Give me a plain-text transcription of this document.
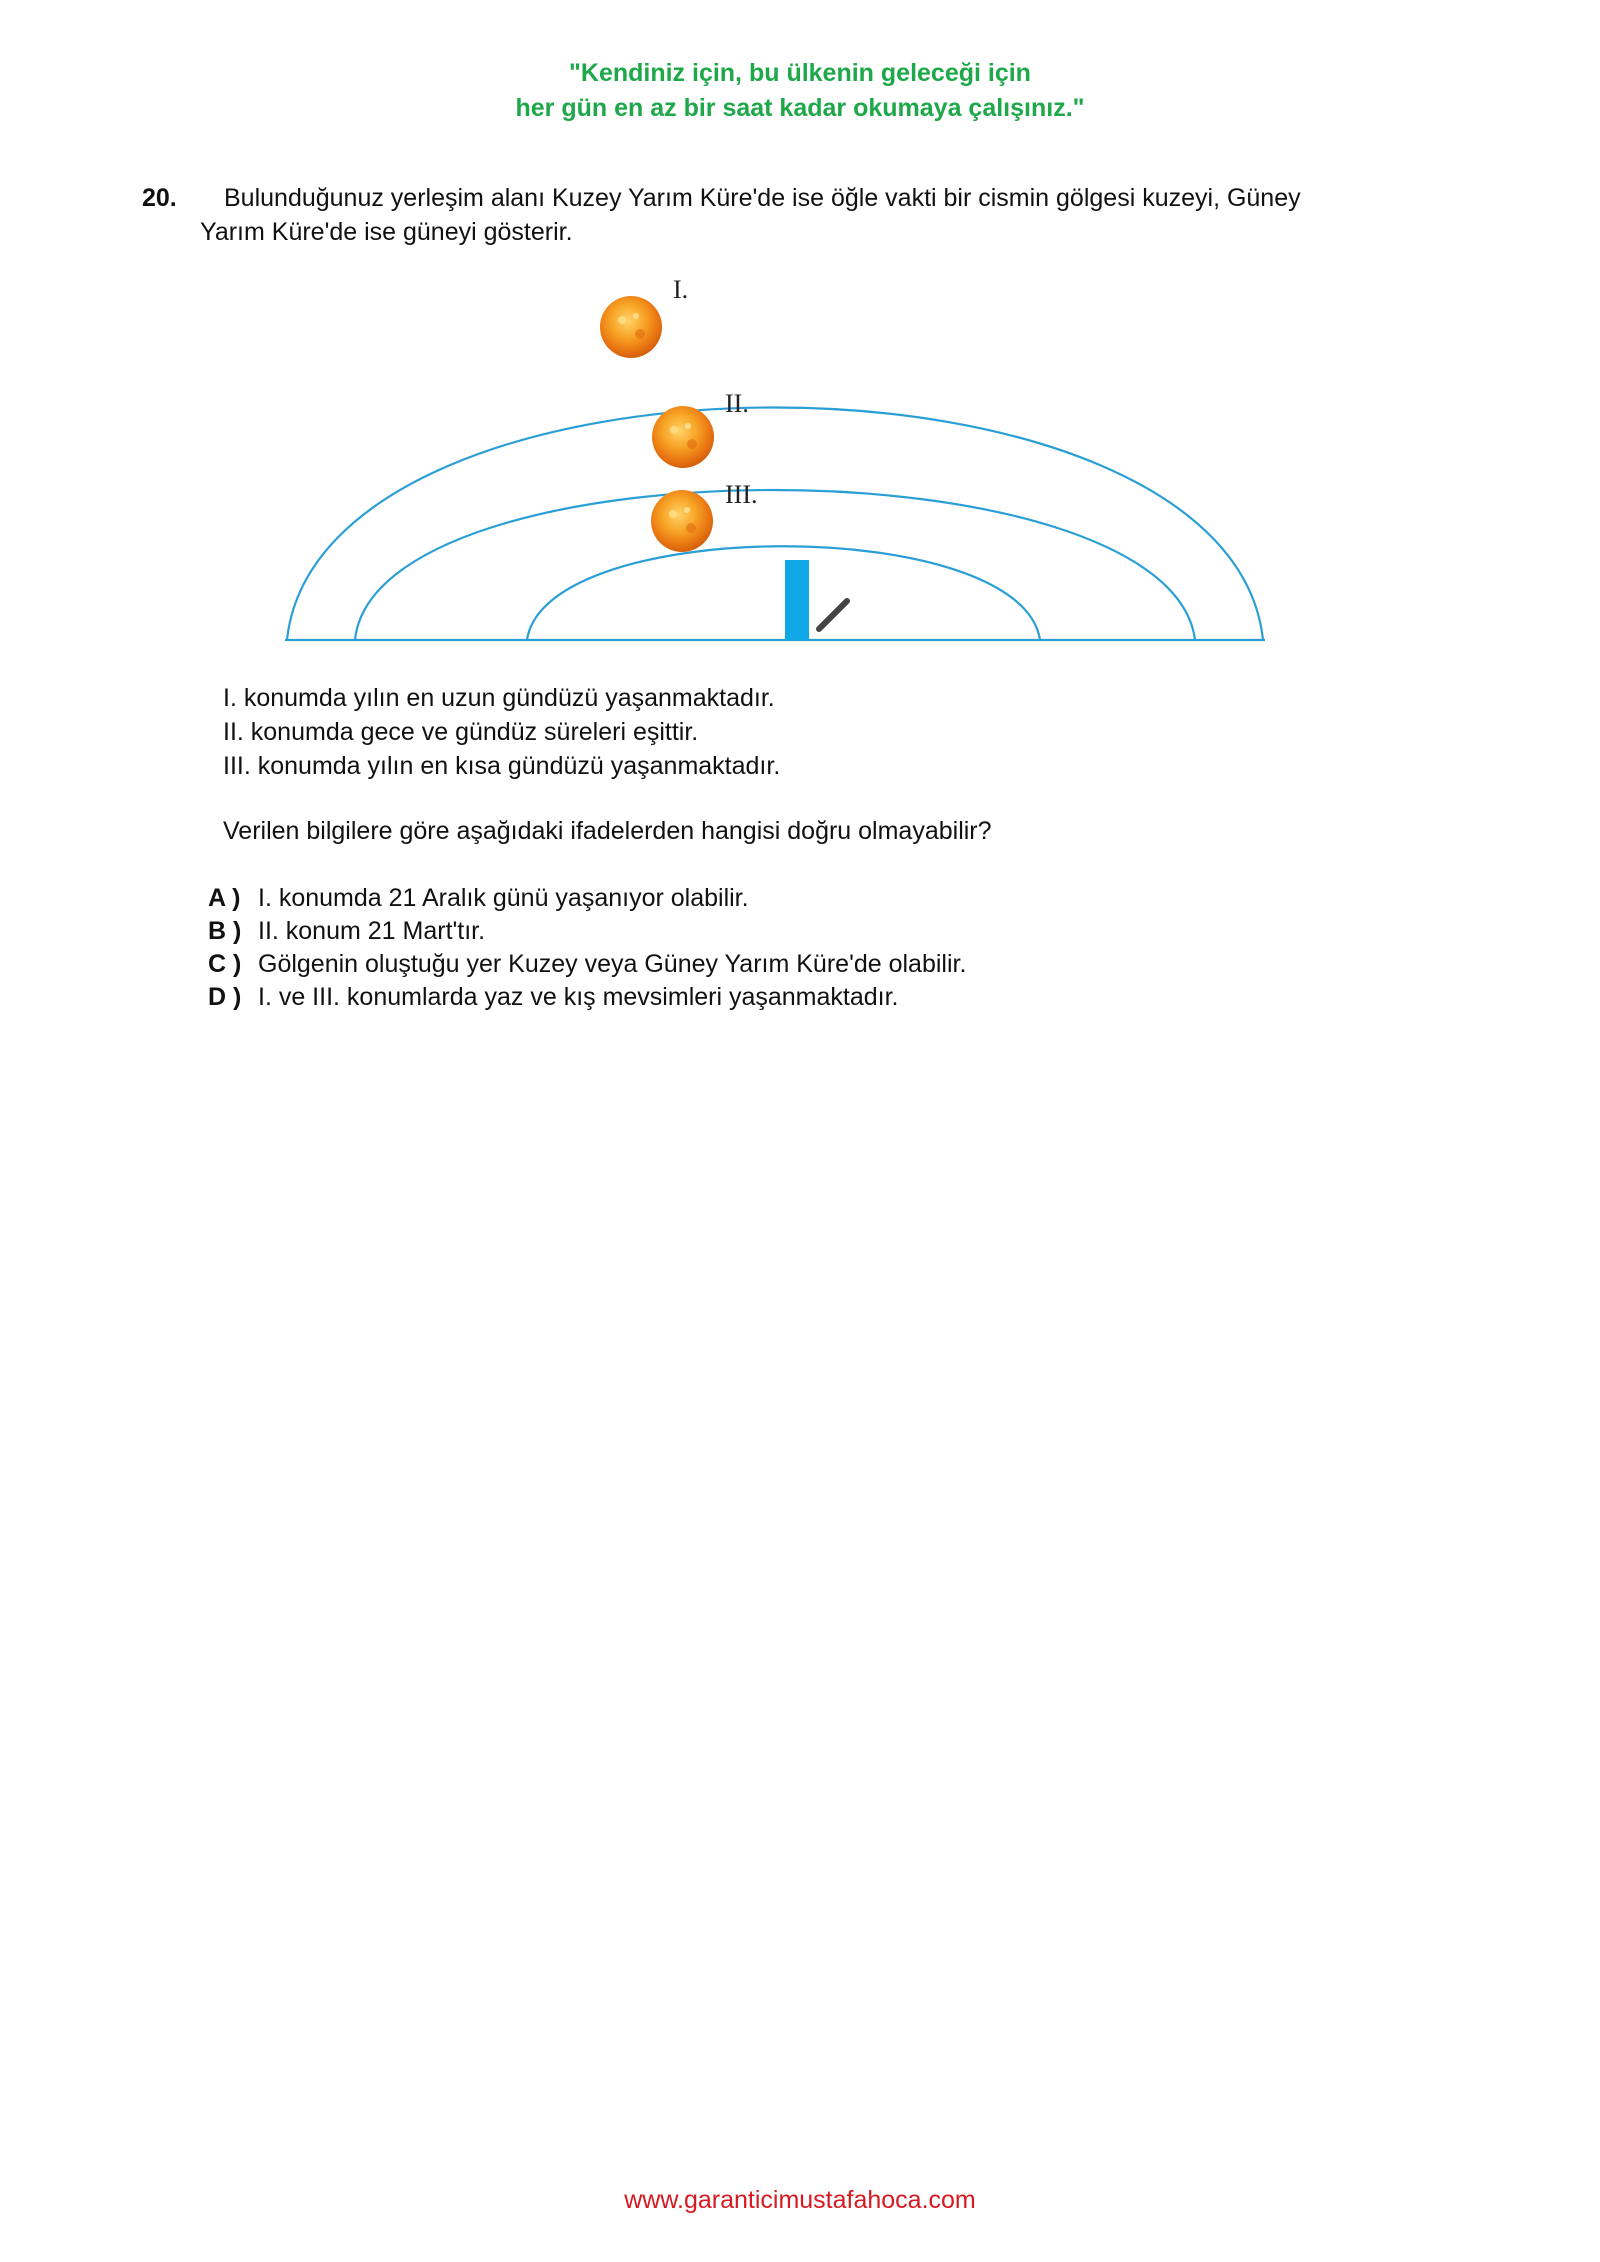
"Kendiniz için, bu ülkenin geleceği için
her gün en az bir saat kadar okumaya çalışınız."
20. Bulunduğunuz yerleşim alanı Kuzey Yarım Küre'de ise öğle vakti bir cismin gölgesi kuzeyi, Güney
Yarım Küre'de ise güneyi gösterir.
I.
II.
III.
I. konumda yılın en uzun gündüzü yaşanmaktadır.
II. konumda gece ve gündüz süreleri eşittir.
III. konumda yılın en kısa gündüzü yaşanmaktadır.
Verilen bilgilere göre aşağıdaki ifadelerden hangisi doğru olmayabilir?
A ) I. konumda 21 Aralık günü yaşanıyor olabilir.
B ) II. konum 21 Mart'tır.
C ) Gölgenin oluştuğu yer Kuzey veya Güney Yarım Küre'de olabilir.
D ) I. ve III. konumlarda yaz ve kış mevsimleri yaşanmaktadır.
www.garanticimustafahoca.com
